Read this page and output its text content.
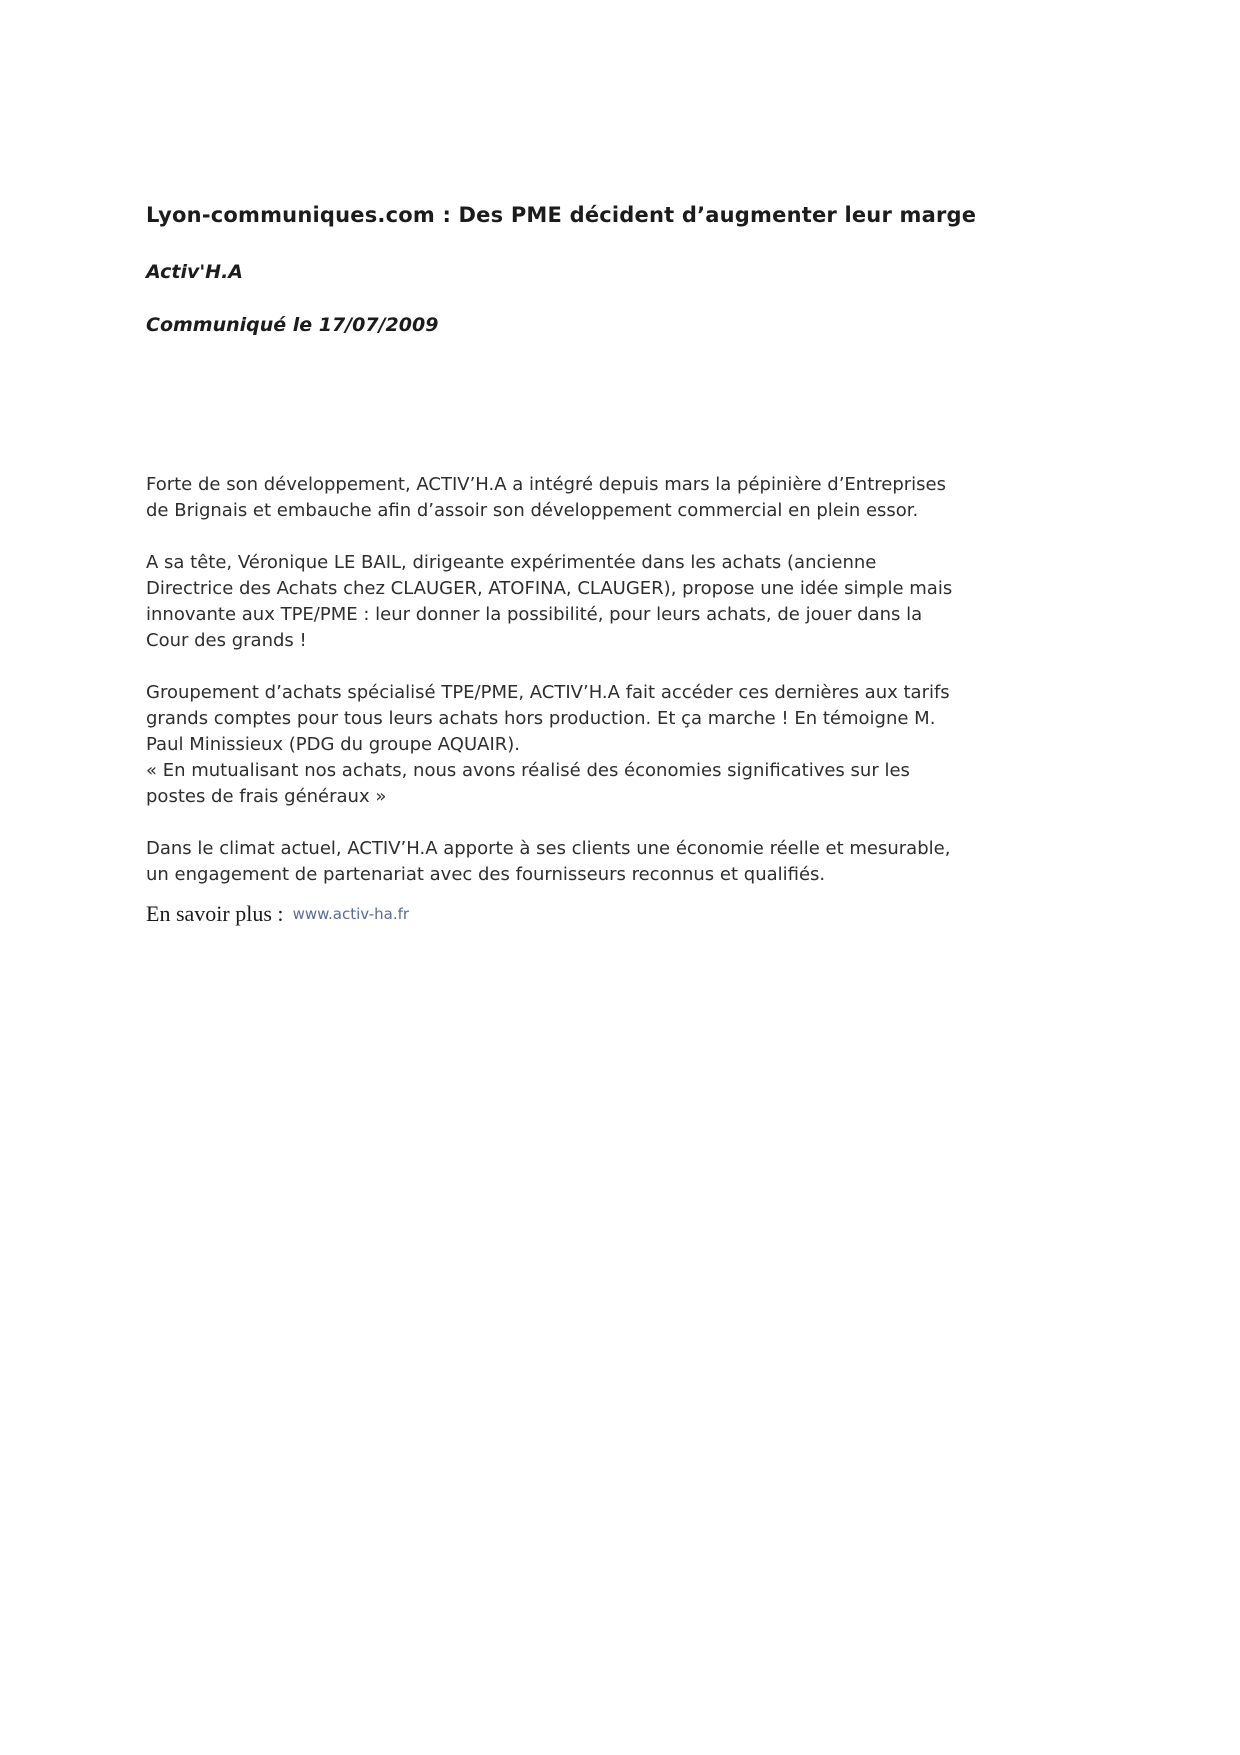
Lyon-communiques.com : Des PME décident d’augmenter leur marge
Activ'H.A
Communiqué le 17/07/2009

Forte de son développement, ACTIV’H.A a intégré depuis mars la pépinière d’Entreprises
de Brignais et embauche afin d’assoir son développement commercial en plein essor.

A sa tête, Véronique LE BAIL, dirigeante expérimentée dans les achats (ancienne
Directrice des Achats chez CLAUGER, ATOFINA, CLAUGER), propose une idée simple mais
innovante aux TPE/PME : leur donner la possibilité, pour leurs achats, de jouer dans la
Cour des grands !

Groupement d’achats spécialisé TPE/PME, ACTIV’H.A fait accéder ces dernières aux tarifs
grands comptes pour tous leurs achats hors production. Et ça marche ! En témoigne M.
Paul Minissieux (PDG du groupe AQUAIR).
« En mutualisant nos achats, nous avons réalisé des économies significatives sur les
postes de frais généraux »

Dans le climat actuel, ACTIV’H.A apporte à ses clients une économie réelle et mesurable,
un engagement de partenariat avec des fournisseurs reconnus et qualifiés.

En savoir plus : www.activ-ha.fr
